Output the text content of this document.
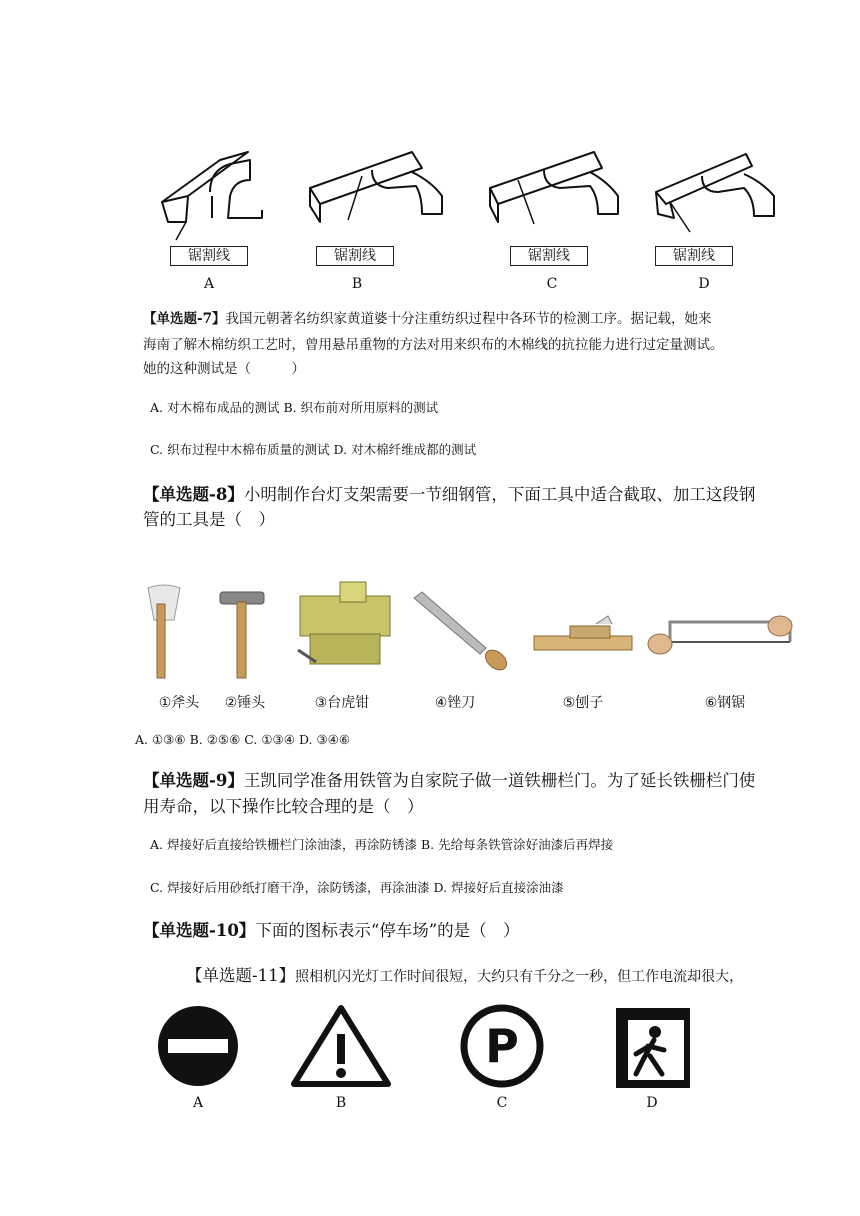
锯割线	锯割线	锯割线	锯割线
A	B	C	D
【单选题-7】我国元朝著名纺织家黄道婆十分注重纺织过程中各环节的检测工序。据记载，她来
海南了解木棉纺织工艺时，曾用悬吊重物的方法对用来织布的木棉线的抗拉能力进行过定量测试。
她的这种测试是（　　　）
A. 对木棉布成品的测试 B. 织布前对所用原料的测试
C. 织布过程中木棉布质量的测试 D. 对木棉纤维成都的测试
【单选题-8】小明制作台灯支架需要一节细钢管，下面工具中适合截取、加工这段钢
管的工具是（　）
①斧头	②锤头	③台虎钳	④锉刀	⑤刨子	⑥钢锯
A. ①③⑥ B. ②⑤⑥ C. ①③④ D. ③④⑥
【单选题-9】王凯同学准备用铁管为自家院子做一道铁栅栏门。为了延长铁栅栏门使
用寿命，以下操作比较合理的是（　）
A. 焊接好后直接给铁栅栏门涂油漆，再涂防锈漆 B. 先给每条铁管涂好油漆后再焊接
C. 焊接好后用砂纸打磨干净，涂防锈漆，再涂油漆 D. 焊接好后直接涂油漆
【单选题-10】下面的图标表示“停车场”的是（　）
【单选题-11】照相机闪光灯工作时间很短，大约只有千分之一秒，但工作电流却很大，
P
A	B	C	D
